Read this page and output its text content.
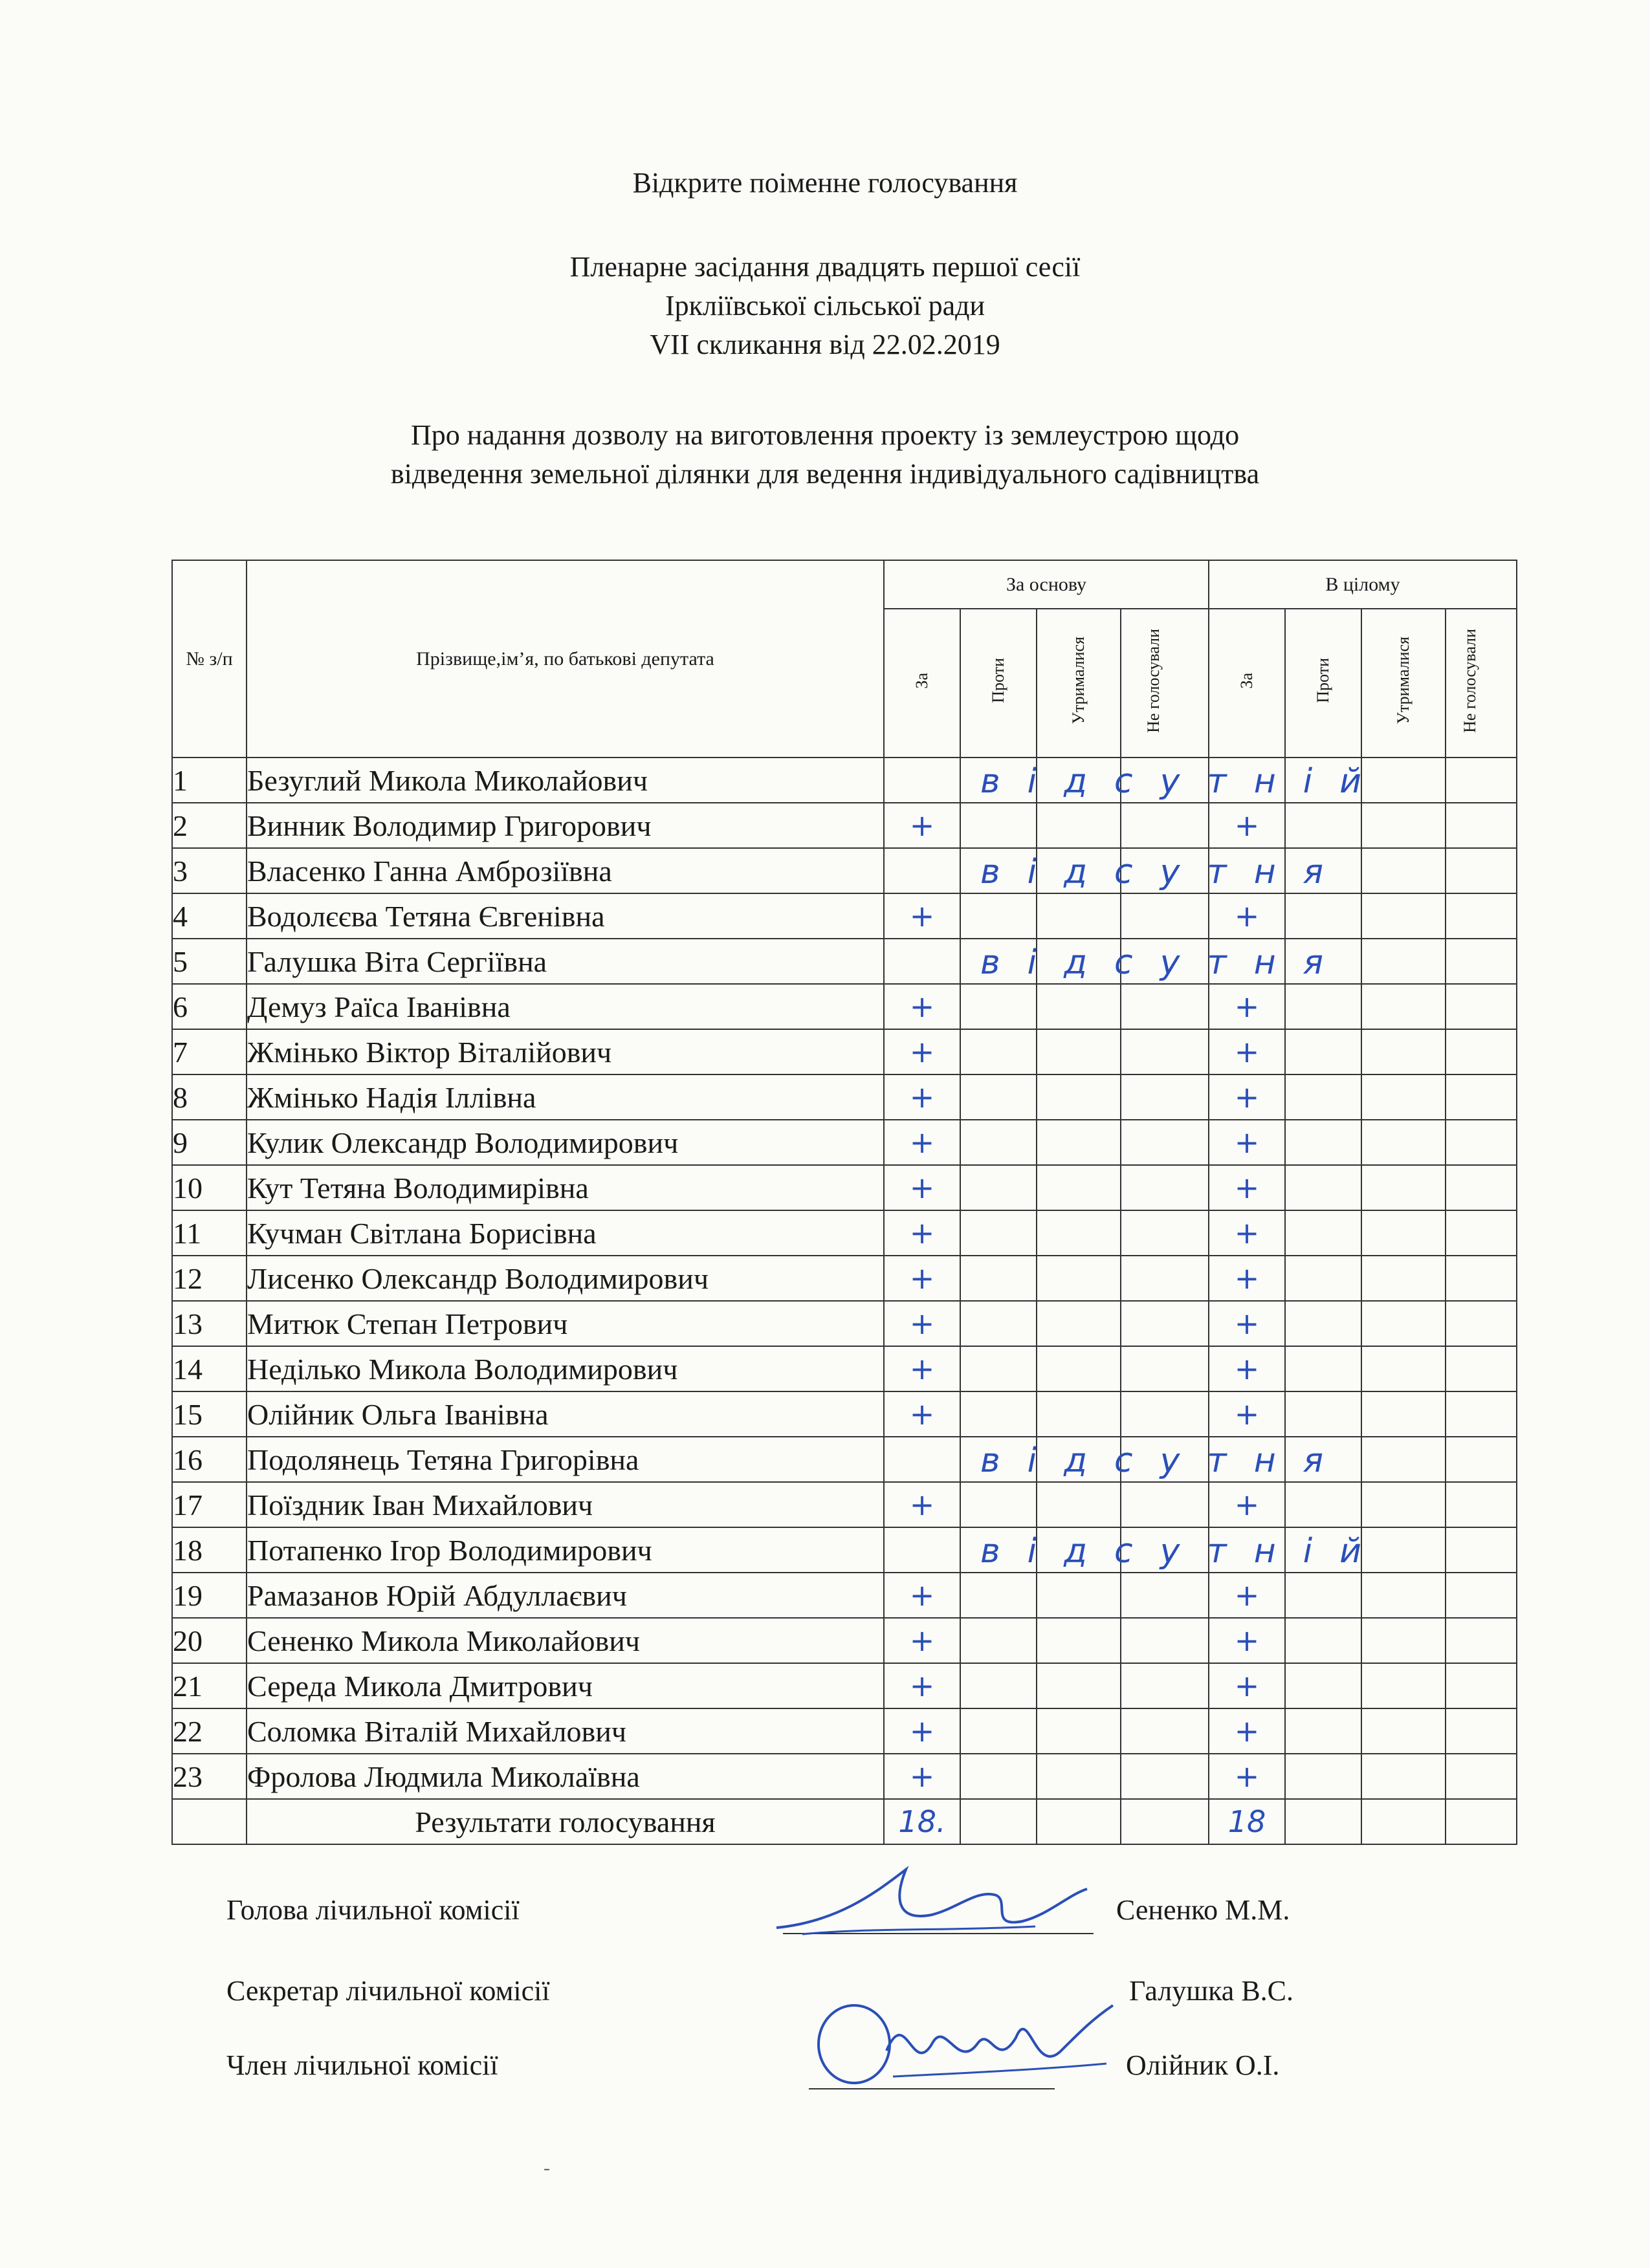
Відкрите поіменне голосування
Пленарне засідання двадцять першої сесії
Ірклiївської сільської ради
VII скликання від 22.02.2019
Про надання дозволу на виготовлення проекту із землеустрою щодо
відведення земельної ділянки для ведення індивідуального садівництва
№ з/п	Прізвище,ім’я, по батькові депутата	За основу				В цілому			
		За	Проти	Утрималися	Не голосували	За	Проти	Утрималися	Не голосували
1	Безуглий Микола Миколайович		відсутній						

2	Винник Володимир Григорович	+				+			
3	Власенко Ганна Амброзіївна		відсутня						

4	Водолєєва Тетяна Євгенівна	+				+			
5	Галушка Віта Сергіївна		відсутня						

6	Демуз Раїса Іванівна	+				+			
7	Жмінько Віктор Віталійович	+				+			
8	Жмінько Надія Іллівна	+				+			
9	Кулик Олександр Володимирович	+				+			
10	Кут Тетяна Володимирівна	+				+			
11	Кучман Світлана Борисівна	+				+			
12	Лисенко Олександр Володимирович	+				+			
13	Митюк Степан Петрович	+				+			
14	Неділько Микола Володимирович	+				+			
15	Олійник Ольга Іванівна	+				+			
16	Подолянець Тетяна Григорівна		відсутня						

17	Поїздник Іван Михайлович	+				+			
18	Потапенко Ігор Володимирович		відсутній						

19	Рамазанов Юрій Абдуллаєвич	+				+			
20	Сененко Микола Миколайович	+				+			
21	Середа Микола Дмитрович	+				+			
22	Соломка Віталій Михайлович	+				+			
23	Фролова Людмила Миколаївна	+				+			
	Результати голосування	18.				18			
Голова лічильної комісії	Сененко М.М.
Секретар лічильної комісії	Галушка В.С.
Член лічильної комісії	Олійник О.І.
-
